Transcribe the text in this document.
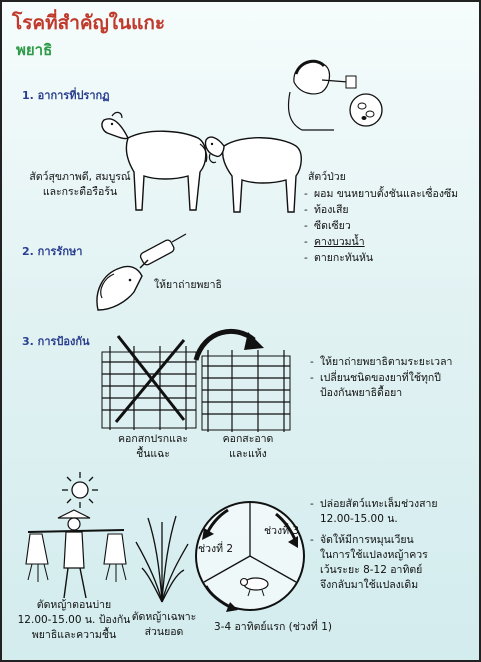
โรคที่สำคัญในแกะ
พยาธิ
1. อาการที่ปรากฏ
สัตว์สุขภาพดี, สมบูรณ์
และกระตือรือร้น
สัตว์ป่วย
- ผอม ขนหยาบตั้งชันและเซื่องซึม
- ท้องเสีย
- ซีดเซียว
- คางบวมน้ำ
- ตายกะทันหัน
2. การรักษา
ให้ยาถ่ายพยาธิ
3. การป้องกัน
คอกสกปรกและ
ชื้นแฉะ
คอกสะอาด
และแห้ง
- ให้ยาถ่ายพยาธิตามระยะเวลา
- เปลี่ยนชนิดของยาที่ใช้ทุกปี
ป้องกันพยาธิดื้อยา
ตัดหญ้าตอนบ่าย
12.00-15.00 น. ป้องกัน
พยาธิและความชื้น
ตัดหญ้าเฉพาะ
ส่วนยอด
ช่วงที่ 2
ช่วงที่ 3
3-4 อาทิตย์แรก (ช่วงที่ 1)
- ปล่อยสัตว์แทะเล็มช่วงสาย
12.00-15.00 น.
- จัดให้มีการหมุนเวียน
ในการใช้แปลงหญ้าควร
เว้นระยะ 8-12 อาทิตย์
จึงกลับมาใช้แปลงเดิม
